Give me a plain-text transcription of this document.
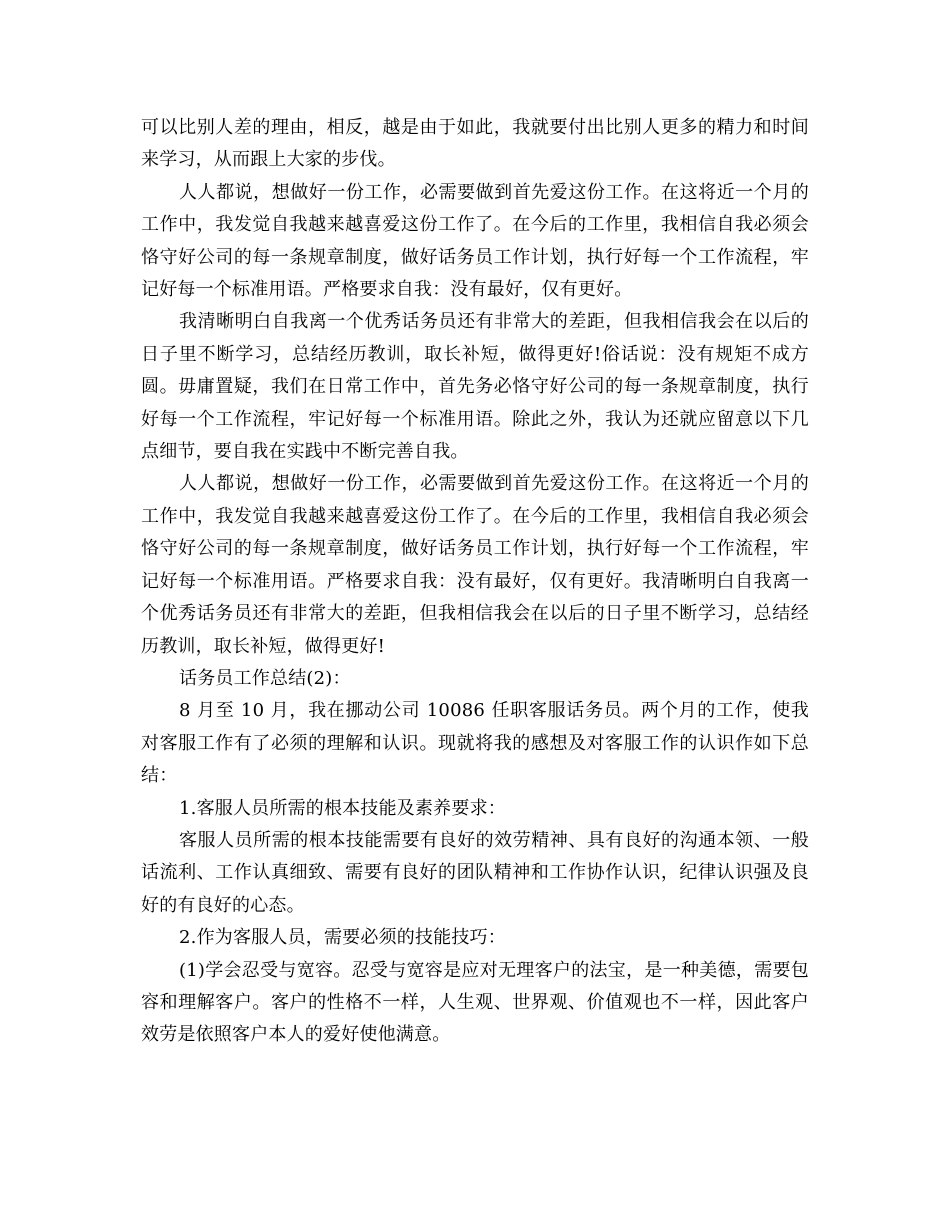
可以比别人差的理由，相反，越是由于如此，我就要付出比别人更多的精力和时间来学习，从而跟上大家的步伐。

人人都说，想做好一份工作，必需要做到首先爱这份工作。在这将近一个月的工作中，我发觉自我越来越喜爱这份工作了。在今后的工作里，我相信自我必须会恪守好公司的每一条规章制度，做好话务员工作计划，执行好每一个工作流程，牢记好每一个标准用语。严格要求自我：没有最好，仅有更好。

我清晰明白自我离一个优秀话务员还有非常大的差距，但我相信我会在以后的日子里不断学习，总结经历教训，取长补短，做得更好!俗话说：没有规矩不成方圆。毋庸置疑，我们在日常工作中，首先务必恪守好公司的每一条规章制度，执行好每一个工作流程，牢记好每一个标准用语。除此之外，我认为还就应留意以下几点细节，要自我在实践中不断完善自我。

人人都说，想做好一份工作，必需要做到首先爱这份工作。在这将近一个月的工作中，我发觉自我越来越喜爱这份工作了。在今后的工作里，我相信自我必须会恪守好公司的每一条规章制度，做好话务员工作计划，执行好每一个工作流程，牢记好每一个标准用语。严格要求自我：没有最好，仅有更好。我清晰明白自我离一个优秀话务员还有非常大的差距，但我相信我会在以后的日子里不断学习，总结经历教训，取长补短，做得更好!

话务员工作总结(2)：

8 月至 10 月，我在挪动公司 10086 任职客服话务员。两个月的工作，使我对客服工作有了必须的理解和认识。现就将我的感想及对客服工作的认识作如下总结：

1.客服人员所需的根本技能及素养要求：

客服人员所需的根本技能需要有良好的效劳精神、具有良好的沟通本领、一般话流利、工作认真细致、需要有良好的团队精神和工作协作认识，纪律认识强及良好的有良好的心态。

2.作为客服人员，需要必须的技能技巧：

(1)学会忍受与宽容。忍受与宽容是应对无理客户的法宝，是一种美德，需要包容和理解客户。客户的性格不一样，人生观、世界观、价值观也不一样，因此客户效劳是依照客户本人的爱好使他满意。
